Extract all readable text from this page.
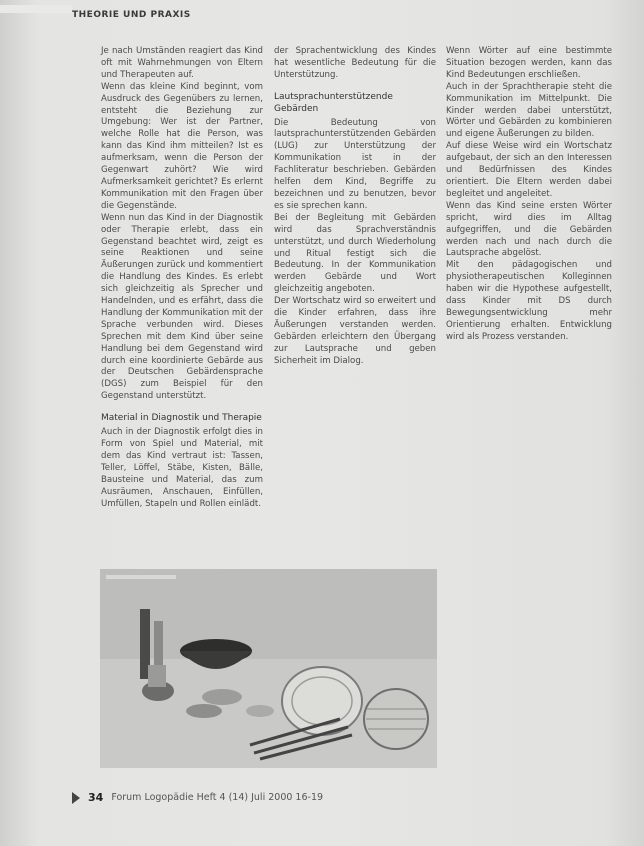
THEORIE UND PRAXIS

Je nach Umständen reagiert das Kind oft mit Wahrnehmungen von Eltern und Therapeuten auf.

Wenn das kleine Kind beginnt, vom Ausdruck des Gegenübers zu lernen, entsteht die Beziehung zur Umgebung: Wer ist der Partner, welche Rolle hat die Person, was kann das Kind ihm mitteilen? Ist es aufmerksam, wenn die Person der Gegenwart zuhört? Wie wird Aufmerksamkeit gerichtet? Es erlernt Kommunikation mit den Fragen über die Gegenstände.

Wenn nun das Kind in der Diagnostik oder Therapie erlebt, dass ein Gegenstand beachtet wird, zeigt es seine Reaktionen und seine Äußerungen zurück und kommentiert die Handlung des Kindes. Es erlebt sich gleichzeitig als Sprecher und Handelnden, und es erfährt, dass die Handlung der Kommunikation mit der Sprache verbunden wird. Dieses Sprechen mit dem Kind über seine Handlung bei dem Gegenstand wird durch eine koordinierte Gebärde aus der Deutschen Gebärdensprache (DGS) zum Beispiel für den Gegenstand unterstützt.

Material in Diagnostik und Therapie

Auch in der Diagnostik erfolgt dies in Form von Spiel und Material, mit dem das Kind vertraut ist: Tassen, Teller, Löffel, Stäbe, Kisten, Bälle, Bausteine und Material, das zum Ausräumen, Anschauen, Einfüllen, Umfüllen, Stapeln und Rollen einlädt.

der Sprachentwicklung des Kindes hat wesentliche Bedeutung für die Unterstützung.

Lautsprachunterstützende Gebärden

Die Bedeutung von lautsprachunterstützenden Gebärden (LUG) zur Unterstützung der Kommunikation ist in der Fachliteratur beschrieben. Gebärden helfen dem Kind, Begriffe zu bezeichnen und zu benutzen, bevor es sie sprechen kann.

Bei der Begleitung mit Gebärden wird das Sprachverständnis unterstützt, und durch Wiederholung und Ritual festigt sich die Bedeutung. In der Kommunikation werden Gebärde und Wort gleichzeitig angeboten.

Der Wortschatz wird so erweitert und die Kinder erfahren, dass ihre Äußerungen verstanden werden. Gebärden erleichtern den Übergang zur Lautsprache und geben Sicherheit im Dialog.

Wenn Wörter auf eine bestimmte Situation bezogen werden, kann das Kind Bedeutungen erschließen.

Auch in der Sprachtherapie steht die Kommunikation im Mittelpunkt. Die Kinder werden dabei unterstützt, Wörter und Gebärden zu kombinieren und eigene Äußerungen zu bilden.

Auf diese Weise wird ein Wortschatz aufgebaut, der sich an den Interessen und Bedürfnissen des Kindes orientiert. Die Eltern werden dabei begleitet und angeleitet.

Wenn das Kind seine ersten Wörter spricht, wird dies im Alltag aufgegriffen, und die Gebärden werden nach und nach durch die Lautsprache abgelöst.

Mit den pädagogischen und physiotherapeutischen Kolleginnen haben wir die Hypothese aufgestellt, dass Kinder mit DS durch Bewegungsentwicklung mehr Orientierung erhalten. Entwicklung wird als Prozess verstanden.

34 Forum Logopädie Heft 4 (14) Juli 2000 16-19
